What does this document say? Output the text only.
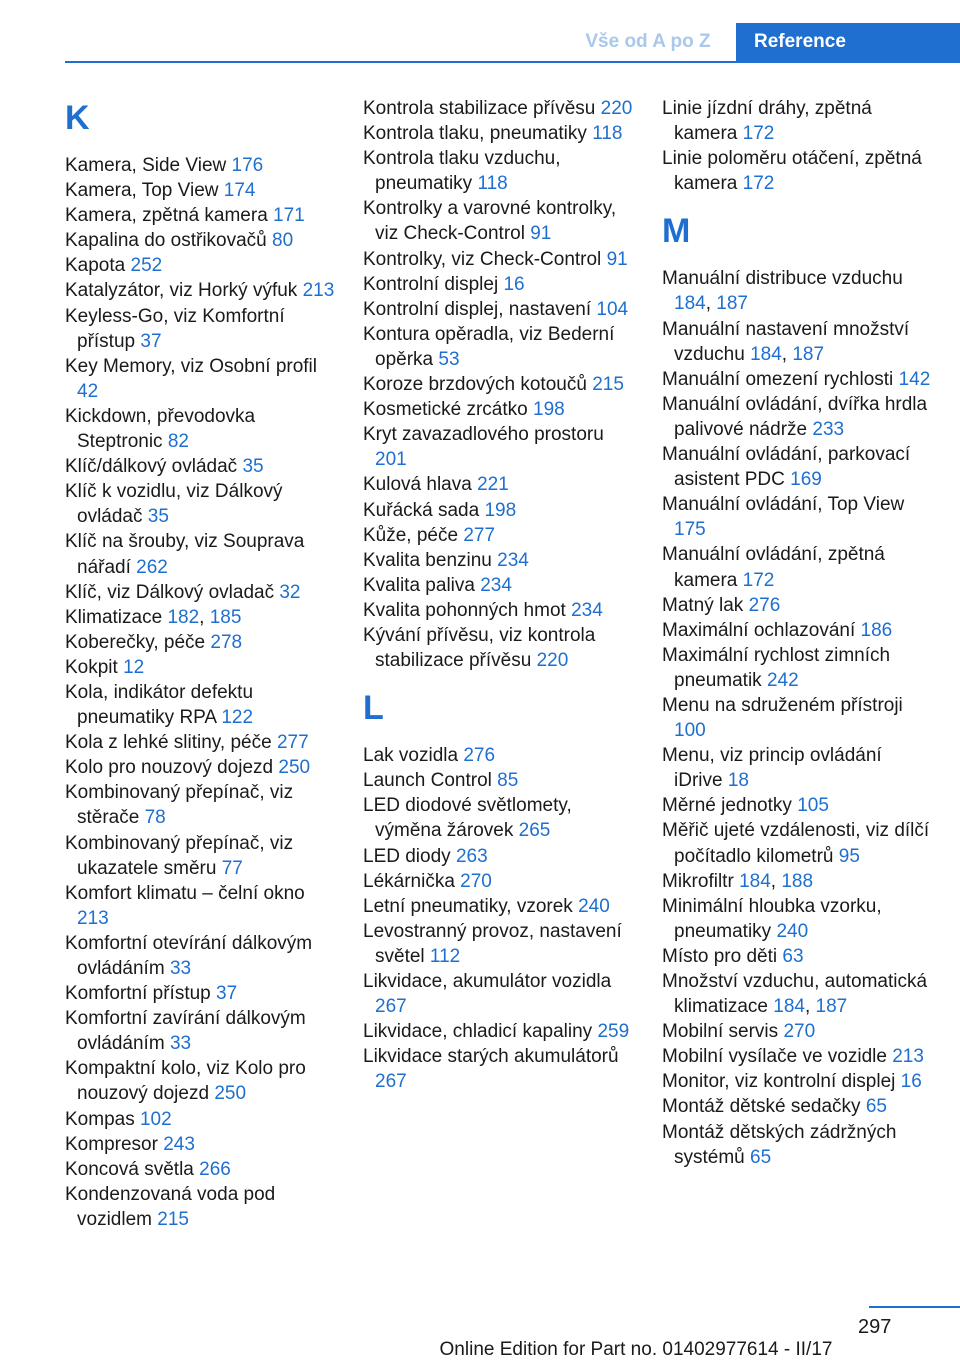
Vše od A po Z	Reference
K
Kamera, Side View 176
Kamera, Top View 174
Kamera, zpětná kamera 171
Kapalina do ostřikovačů 80
Kapota 252
Katalyzátor, viz Horký výfuk 213
Keyless-Go, viz Komfortní přístup 37
Key Memory, viz Osobní profil 42
Kickdown, převodovka Steptronic 82
Klíč/dálkový ovládač 35
Klíč k vozidlu, viz Dálkový ovládač 35
Klíč na šrouby, viz Souprava nářadí 262
Klíč, viz Dálkový ovladač 32
Klimatizace 182, 185
Koberečky, péče 278
Kokpit 12
Kola, indikátor defektu pneumatiky RPA 122
Kola z lehké slitiny, péče 277
Kolo pro nouzový dojezd 250
Kombinovaný přepínač, viz stěrače 78
Kombinovaný přepínač, viz ukazatele směru 77
Komfort klimatu – čelní okno 213
Komfortní otevírání dálkovým ovládáním 33
Komfortní přístup 37
Komfortní zavírání dálkovým ovládáním 33
Kompaktní kolo, viz Kolo pro nouzový dojezd 250
Kompas 102
Kompresor 243
Koncová světla 266
Kondenzovaná voda pod vozidlem 215
Kontrola stabilizace přívěsu 220
Kontrola tlaku, pneumatiky 118
Kontrola tlaku vzduchu, pneumatiky 118
Kontrolky a varovné kontrolky, viz Check-Control 91
Kontrolky, viz Check-Control 91
Kontrolní displej 16
Kontrolní displej, nastavení 104
Kontura opěradla, viz Bederní opěrka 53
Koroze brzdových kotoučů 215
Kosmetické zrcátko 198
Kryt zavazadlového prostoru 201
Kulová hlava 221
Kuřácká sada 198
Kůže, péče 277
Kvalita benzinu 234
Kvalita paliva 234
Kvalita pohonných hmot 234
Kývání přívěsu, viz kontrola stabilizace přívěsu 220
L
Lak vozidla 276
Launch Control 85
LED diodové světlomety, výměna žárovek 265
LED diody 263
Lékárnička 270
Letní pneumatiky, vzorek 240
Levostranný provoz, nastavení světel 112
Likvidace, akumulátor vozidla 267
Likvidace, chladicí kapaliny 259
Likvidace starých akumulátorů 267
Linie jízdní dráhy, zpětná kamera 172
Linie poloměru otáčení, zpětná kamera 172
M
Manuální distribuce vzduchu 184, 187
Manuální nastavení množství vzduchu 184, 187
Manuální omezení rychlosti 142
Manuální ovládání, dvířka hrdla palivové nádrže 233
Manuální ovládání, parkovací asistent PDC 169
Manuální ovládání, Top View 175
Manuální ovládání, zpětná kamera 172
Matný lak 276
Maximální ochlazování 186
Maximální rychlost zimních pneumatik 242
Menu na sdruženém přístroji 100
Menu, viz princip ovládání iDrive 18
Měrné jednotky 105
Měřič ujeté vzdálenosti, viz dílčí počítadlo kilometrů 95
Mikrofiltr 184, 188
Minimální hloubka vzorku, pneumatiky 240
Místo pro děti 63
Množství vzduchu, automatická klimatizace 184, 187
Mobilní servis 270
Mobilní vysílače ve vozidle 213
Monitor, viz kontrolní displej 16
Montáž dětské sedačky 65
Montáž dětských zádržných systémů 65
297
Online Edition for Part no. 01402977614 - II/17
